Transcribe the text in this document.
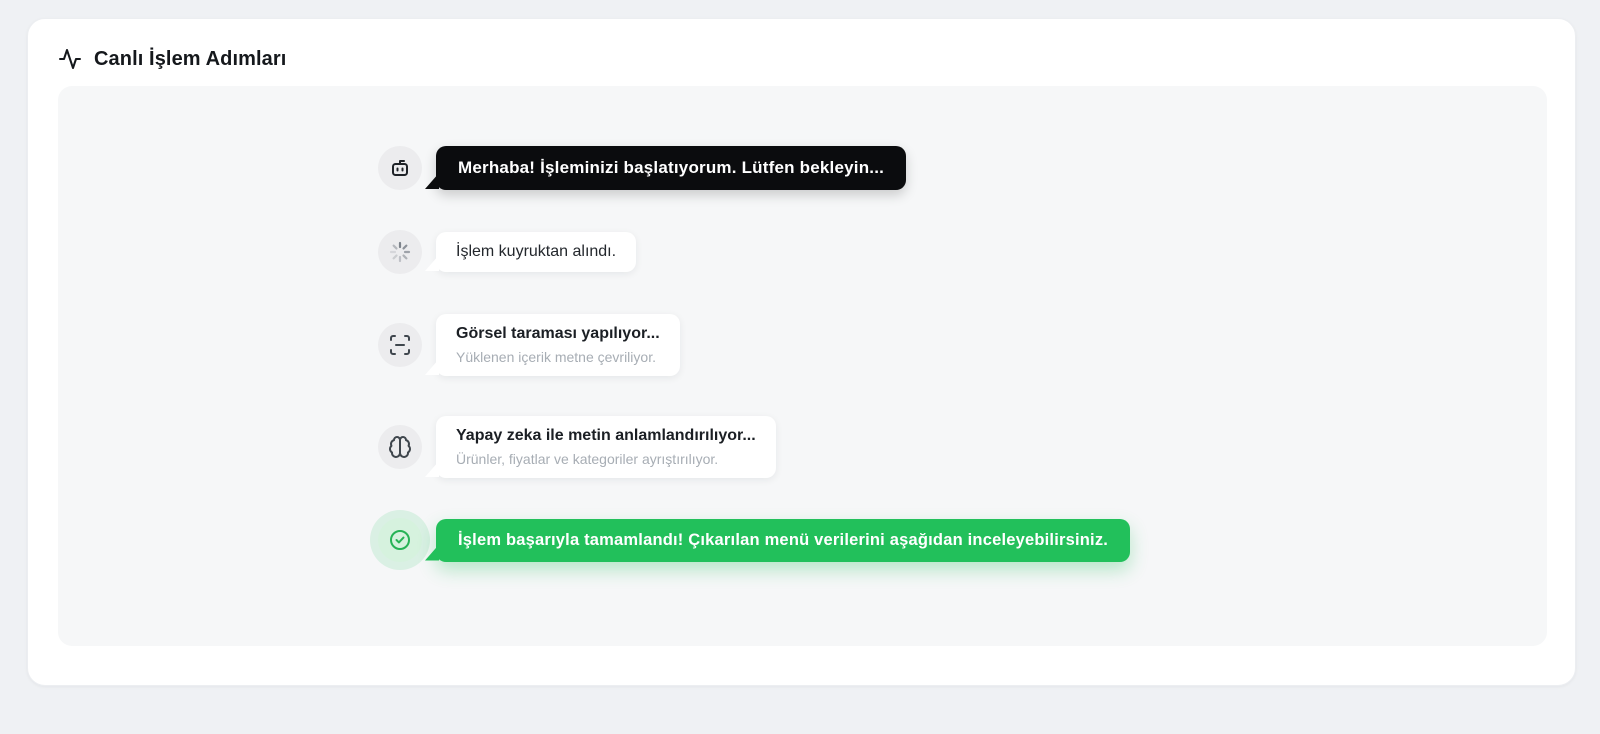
Canlı İşlem Adımları
Merhaba! İşleminizi başlatıyorum. Lütfen bekleyin...
İşlem kuyruktan alındı.
Görsel taraması yapılıyor...
Yüklenen içerik metne çevriliyor.
Yapay zeka ile metin anlamlandırılıyor...
Ürünler, fiyatlar ve kategoriler ayrıştırılıyor.
İşlem başarıyla tamamlandı! Çıkarılan menü verilerini aşağıdan inceleyebilirsiniz.
